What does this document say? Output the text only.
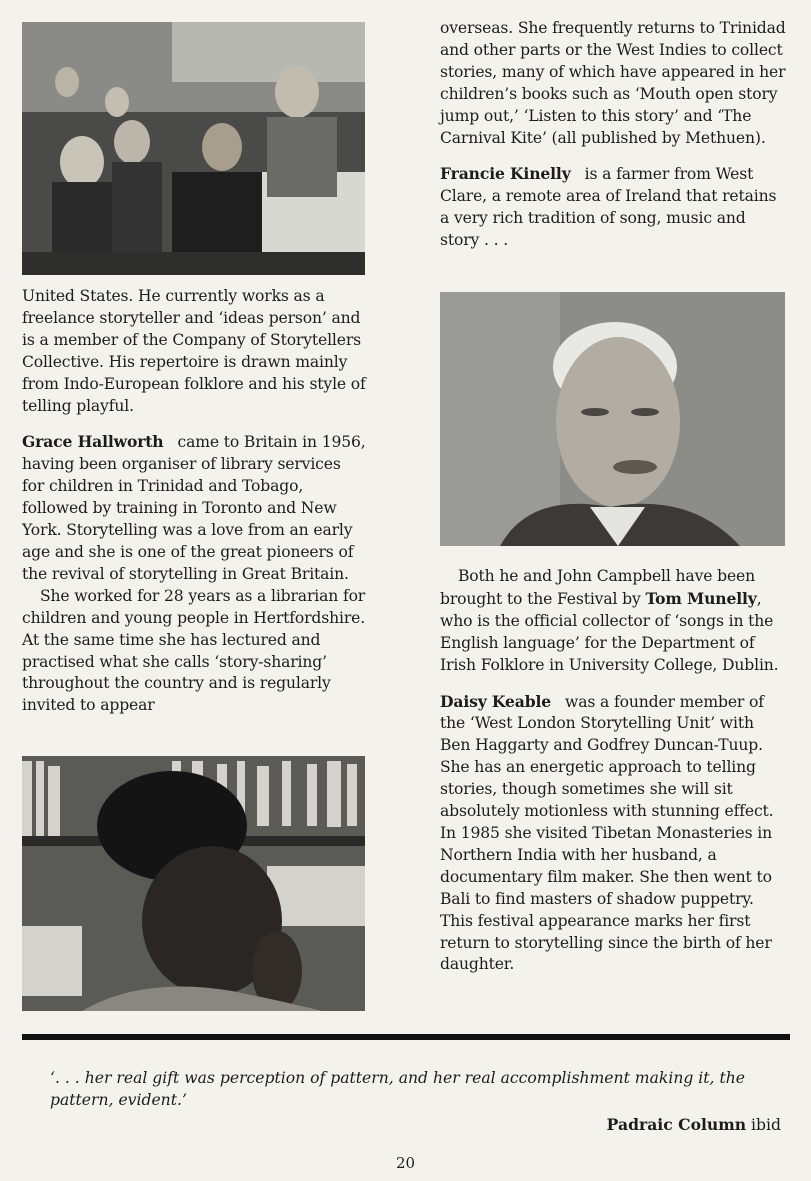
United States. He currently works as a freelance storyteller and ‘ideas person’ and is a member of the Company of Storytellers Collective. His repertoire is drawn mainly from Indo-European folklore and his style of telling playful.

Grace Hallworth came to Britain in 1956, having been organiser of library services for children in Trinidad and Tobago, followed by training in Toronto and New York. Storytelling was a love from an early age and she is one of the great pioneers of the revival of storytelling in Great Britain.

She worked for 28 years as a librarian for children and young people in Hertfordshire. At the same time she has lectured and practised what she calls ‘story-sharing’ throughout the country and is regularly invited to appear

overseas. She frequently returns to Trinidad and other parts or the West Indies to collect stories, many of which have appeared in her children’s books such as ‘Mouth open story jump out,’ ‘Listen to this story’ and ‘The Carnival Kite’ (all published by Methuen).

Francie Kinelly is a farmer from West Clare, a remote area of Ireland that retains a very rich tradition of song, music and story . . .

Both he and John Campbell have been brought to the Festival by Tom Munelly, who is the official collector of ‘songs in the English language’ for the Department of Irish Folklore in University College, Dublin.

Daisy Keable was a founder member of the ‘West London Storytelling Unit’ with Ben Haggarty and Godfrey Duncan-Tuup. She has an energetic approach to telling stories, though sometimes she will sit absolutely motionless with stunning effect. In 1985 she visited Tibetan Monasteries in Northern India with her husband, a documentary film maker. She then went to Bali to find masters of shadow puppetry. This festival appearance marks her first return to storytelling since the birth of her daughter.

‘. . . her real gift was perception of pattern, and her real accomplishment making it, the pattern, evident.’
Padraic Column ibid
20
